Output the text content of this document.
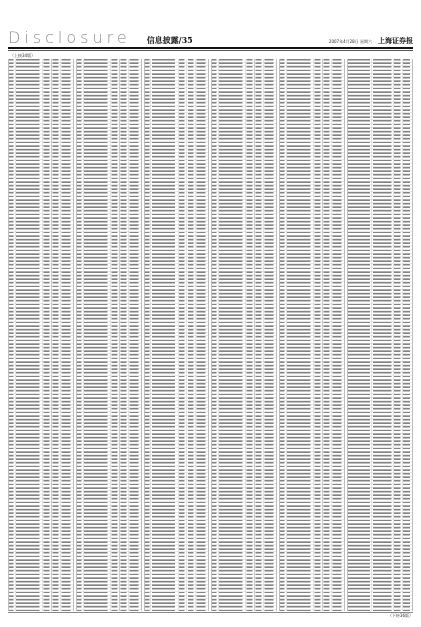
Disclosure 信息披露/35	2007年4月28日 星期六 上海证券报
（上接34版）
（下转36版）
